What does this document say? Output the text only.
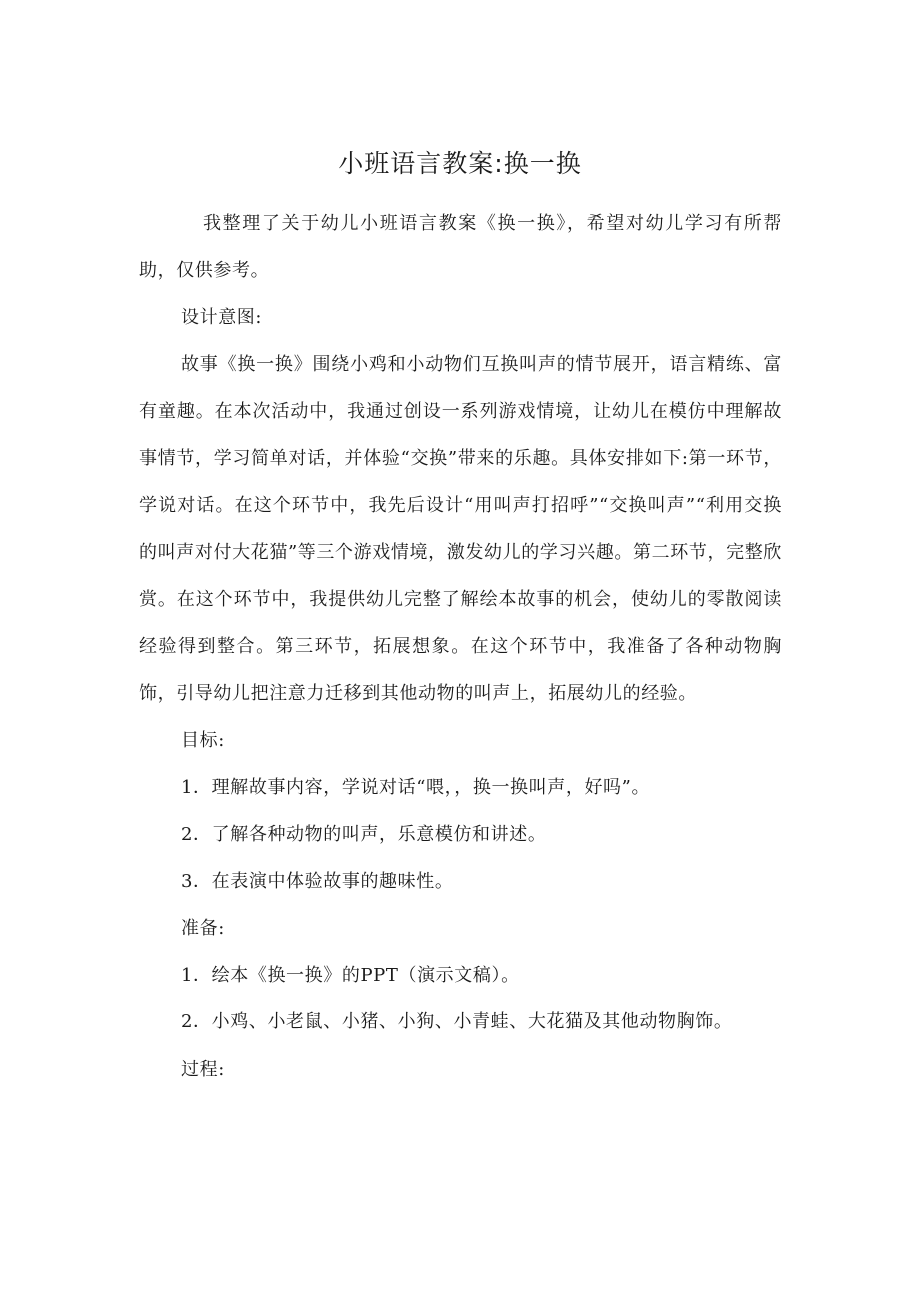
小班语言教案:换一换

我整理了关于幼儿小班语言教案《换一换》，希望对幼儿学习有所帮助，仅供参考。

设计意图:

故事《换一换》围绕小鸡和小动物们互换叫声的情节展开，语言精练、富有童趣。在本次活动中，我通过创设一系列游戏情境，让幼儿在模仿中理解故事情节，学习简单对话，并体验“交换”带来的乐趣。具体安排如下:第一环节，学说对话。在这个环节中，我先后设计“用叫声打招呼”“交换叫声”“利用交换的叫声对付大花猫”等三个游戏情境，激发幼儿的学习兴趣。第二环节，完整欣赏。在这个环节中，我提供幼儿完整了解绘本故事的机会，使幼儿的零散阅读经验得到整合。第三环节，拓展想象。在这个环节中，我准备了各种动物胸饰，引导幼儿把注意力迁移到其他动物的叫声上，拓展幼儿的经验。

目标:

1．理解故事内容，学说对话“喂，，换一换叫声，好吗”。

2．了解各种动物的叫声，乐意模仿和讲述。

3．在表演中体验故事的趣味性。

准备:

1．绘本《换一换》的PPT（演示文稿）。

2．小鸡、小老鼠、小猪、小狗、小青蛙、大花猫及其他动物胸饰。

过程:
